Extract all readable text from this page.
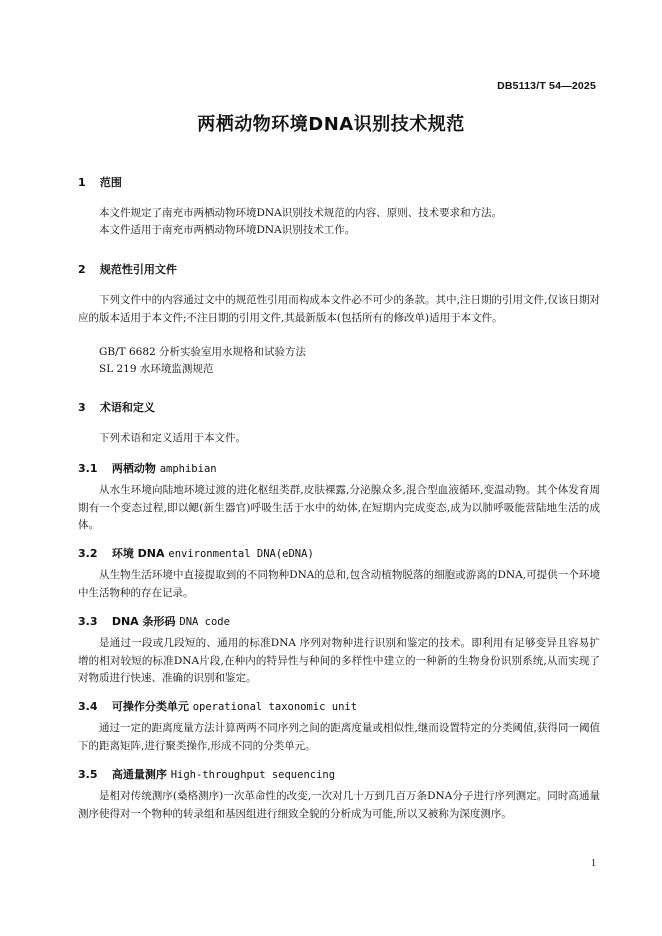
DB5113/T 54—2025
两栖动物环境DNA识别技术规范
1 范围
本文件规定了南充市两栖动物环境DNA识别技术规范的内容、原则、技术要求和方法。
本文件适用于南充市两栖动物环境DNA识别技术工作。
2 规范性引用文件
下列文件中的内容通过文中的规范性引用而构成本文件必不可少的条款。其中,注日期的引用文件,仅该日期对应的版本适用于本文件;不注日期的引用文件,其最新版本(包括所有的修改单)适用于本文件。
GB/T 6682 分析实验室用水规格和试验方法
SL 219 水环境监测规范
3 术语和定义
下列术语和定义适用于本文件。
3.1 两栖动物 amphibian
从水生环境向陆地环境过渡的进化枢纽类群,皮肤裸露,分泌腺众多,混合型血液循环,变温动物。其个体发育周期有一个变态过程,即以鳃(新生器官)呼吸生活于水中的幼体,在短期内完成变态,成为以肺呼吸能营陆地生活的成体。
3.2 环境 DNA environmental DNA(eDNA)
从生物生活环境中直接提取到的不同物种DNA的总和,包含动植物脱落的细胞或游离的DNA,可提供一个环境中生活物种的存在记录。
3.3 DNA 条形码 DNA code
是通过一段或几段短的、通用的标准DNA 序列对物种进行识别和鉴定的技术。即利用有足够变异且容易扩增的相对较短的标准DNA片段,在种内的特异性与种间的多样性中建立的一种新的生物身份识别系统,从而实现了对物质进行快速、准确的识别和鉴定。
3.4 可操作分类单元 operational taxonomic unit
通过一定的距离度量方法计算两两不同序列之间的距离度量或相似性,继而设置特定的分类阈值,获得同一阈值下的距离矩阵,进行聚类操作,形成不同的分类单元。
3.5 高通量测序 High-throughput sequencing
是相对传统测序(桑格测序)一次革命性的改变,一次对几十万到几百万条DNA分子进行序列测定。同时高通量测序使得对一个物种的转录组和基因组进行细致全貌的分析成为可能,所以又被称为深度测序。
1
